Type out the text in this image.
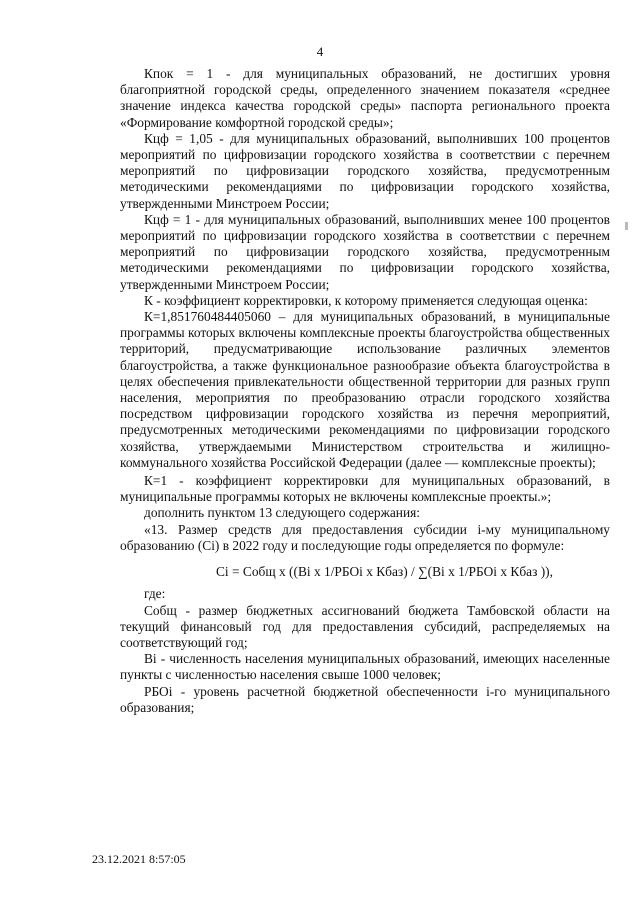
4

Кпок = 1 - для муниципальных образований, не достигших уровня благоприятной городской среды, определенного значением показателя «среднее значение индекса качества городской среды» паспорта регионального проекта «Формирование комфортной городской среды»;

Кцф = 1,05 - для муниципальных образований, выполнивших 100 процентов мероприятий по цифровизации городского хозяйства в соответствии с перечнем мероприятий по цифровизации городского хозяйства, предусмотренным методическими рекомендациями по цифровизации городского хозяйства, утвержденными Минстроем России;

Кцф = 1 - для муниципальных образований, выполнивших менее 100 процентов мероприятий по цифровизации городского хозяйства в соответствии с перечнем мероприятий по цифровизации городского хозяйства, предусмотренным методическими рекомендациями по цифровизации городского хозяйства, утвержденными Минстроем России;

К - коэффициент корректировки, к которому применяется следующая оценка:

К=1,851760484405060 – для муниципальных образований, в муниципальные программы которых включены комплексные проекты благоустройства общественных территорий, предусматривающие использование различных элементов благоустройства, а также функциональное разнообразие объекта благоустройства в целях обеспечения привлекательности общественной территории для разных групп населения, мероприятия по преобразованию отрасли городского хозяйства посредством цифровизации городского хозяйства из перечня мероприятий, предусмотренных методическими рекомендациями по цифровизации городского хозяйства, утверждаемыми Министерством строительства и жилищно-коммунального хозяйства Российской Федерации (далее — комплексные проекты);

К=1 - коэффициент корректировки для муниципальных образований, в муниципальные программы которых не включены комплексные проекты.»;

дополнить пунктом 13 следующего содержания:

«13. Размер средств для предоставления субсидии i-му муниципальному образованию (Ci) в 2022 году и последующие годы определяется по формуле:

Ci = Собщ x ((Bi x 1/РБОi x Кбаз) / ∑(Bi x 1/РБОi x Кбаз )),

где:

Собщ - размер бюджетных ассигнований бюджета Тамбовской области на текущий финансовый год для предоставления субсидий, распределяемых на соответствующий год;

Bi - численность населения муниципальных образований, имеющих населенные пункты с численностью населения свыше 1000 человек;

РБОi - уровень расчетной бюджетной обеспеченности i-го муниципального образования;

23.12.2021 8:57:05
